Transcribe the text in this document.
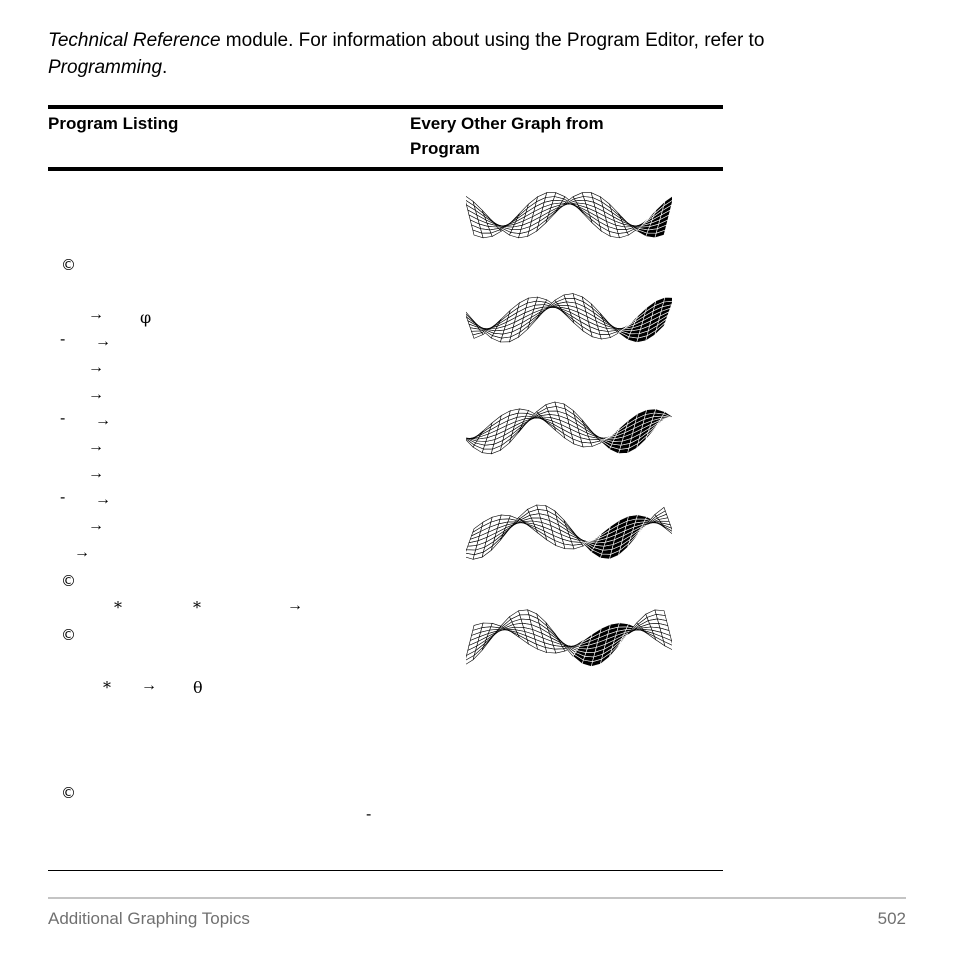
Technical Reference module. For information about using the Program Editor, refer to
Programming.
Program Listing	Every Other Graph from
Program
©
→ φ
- →
→
→
- →
→
→
- →
→
→
©
*	*	→
©
* → θ
©
-
Additional Graphing Topics	502
